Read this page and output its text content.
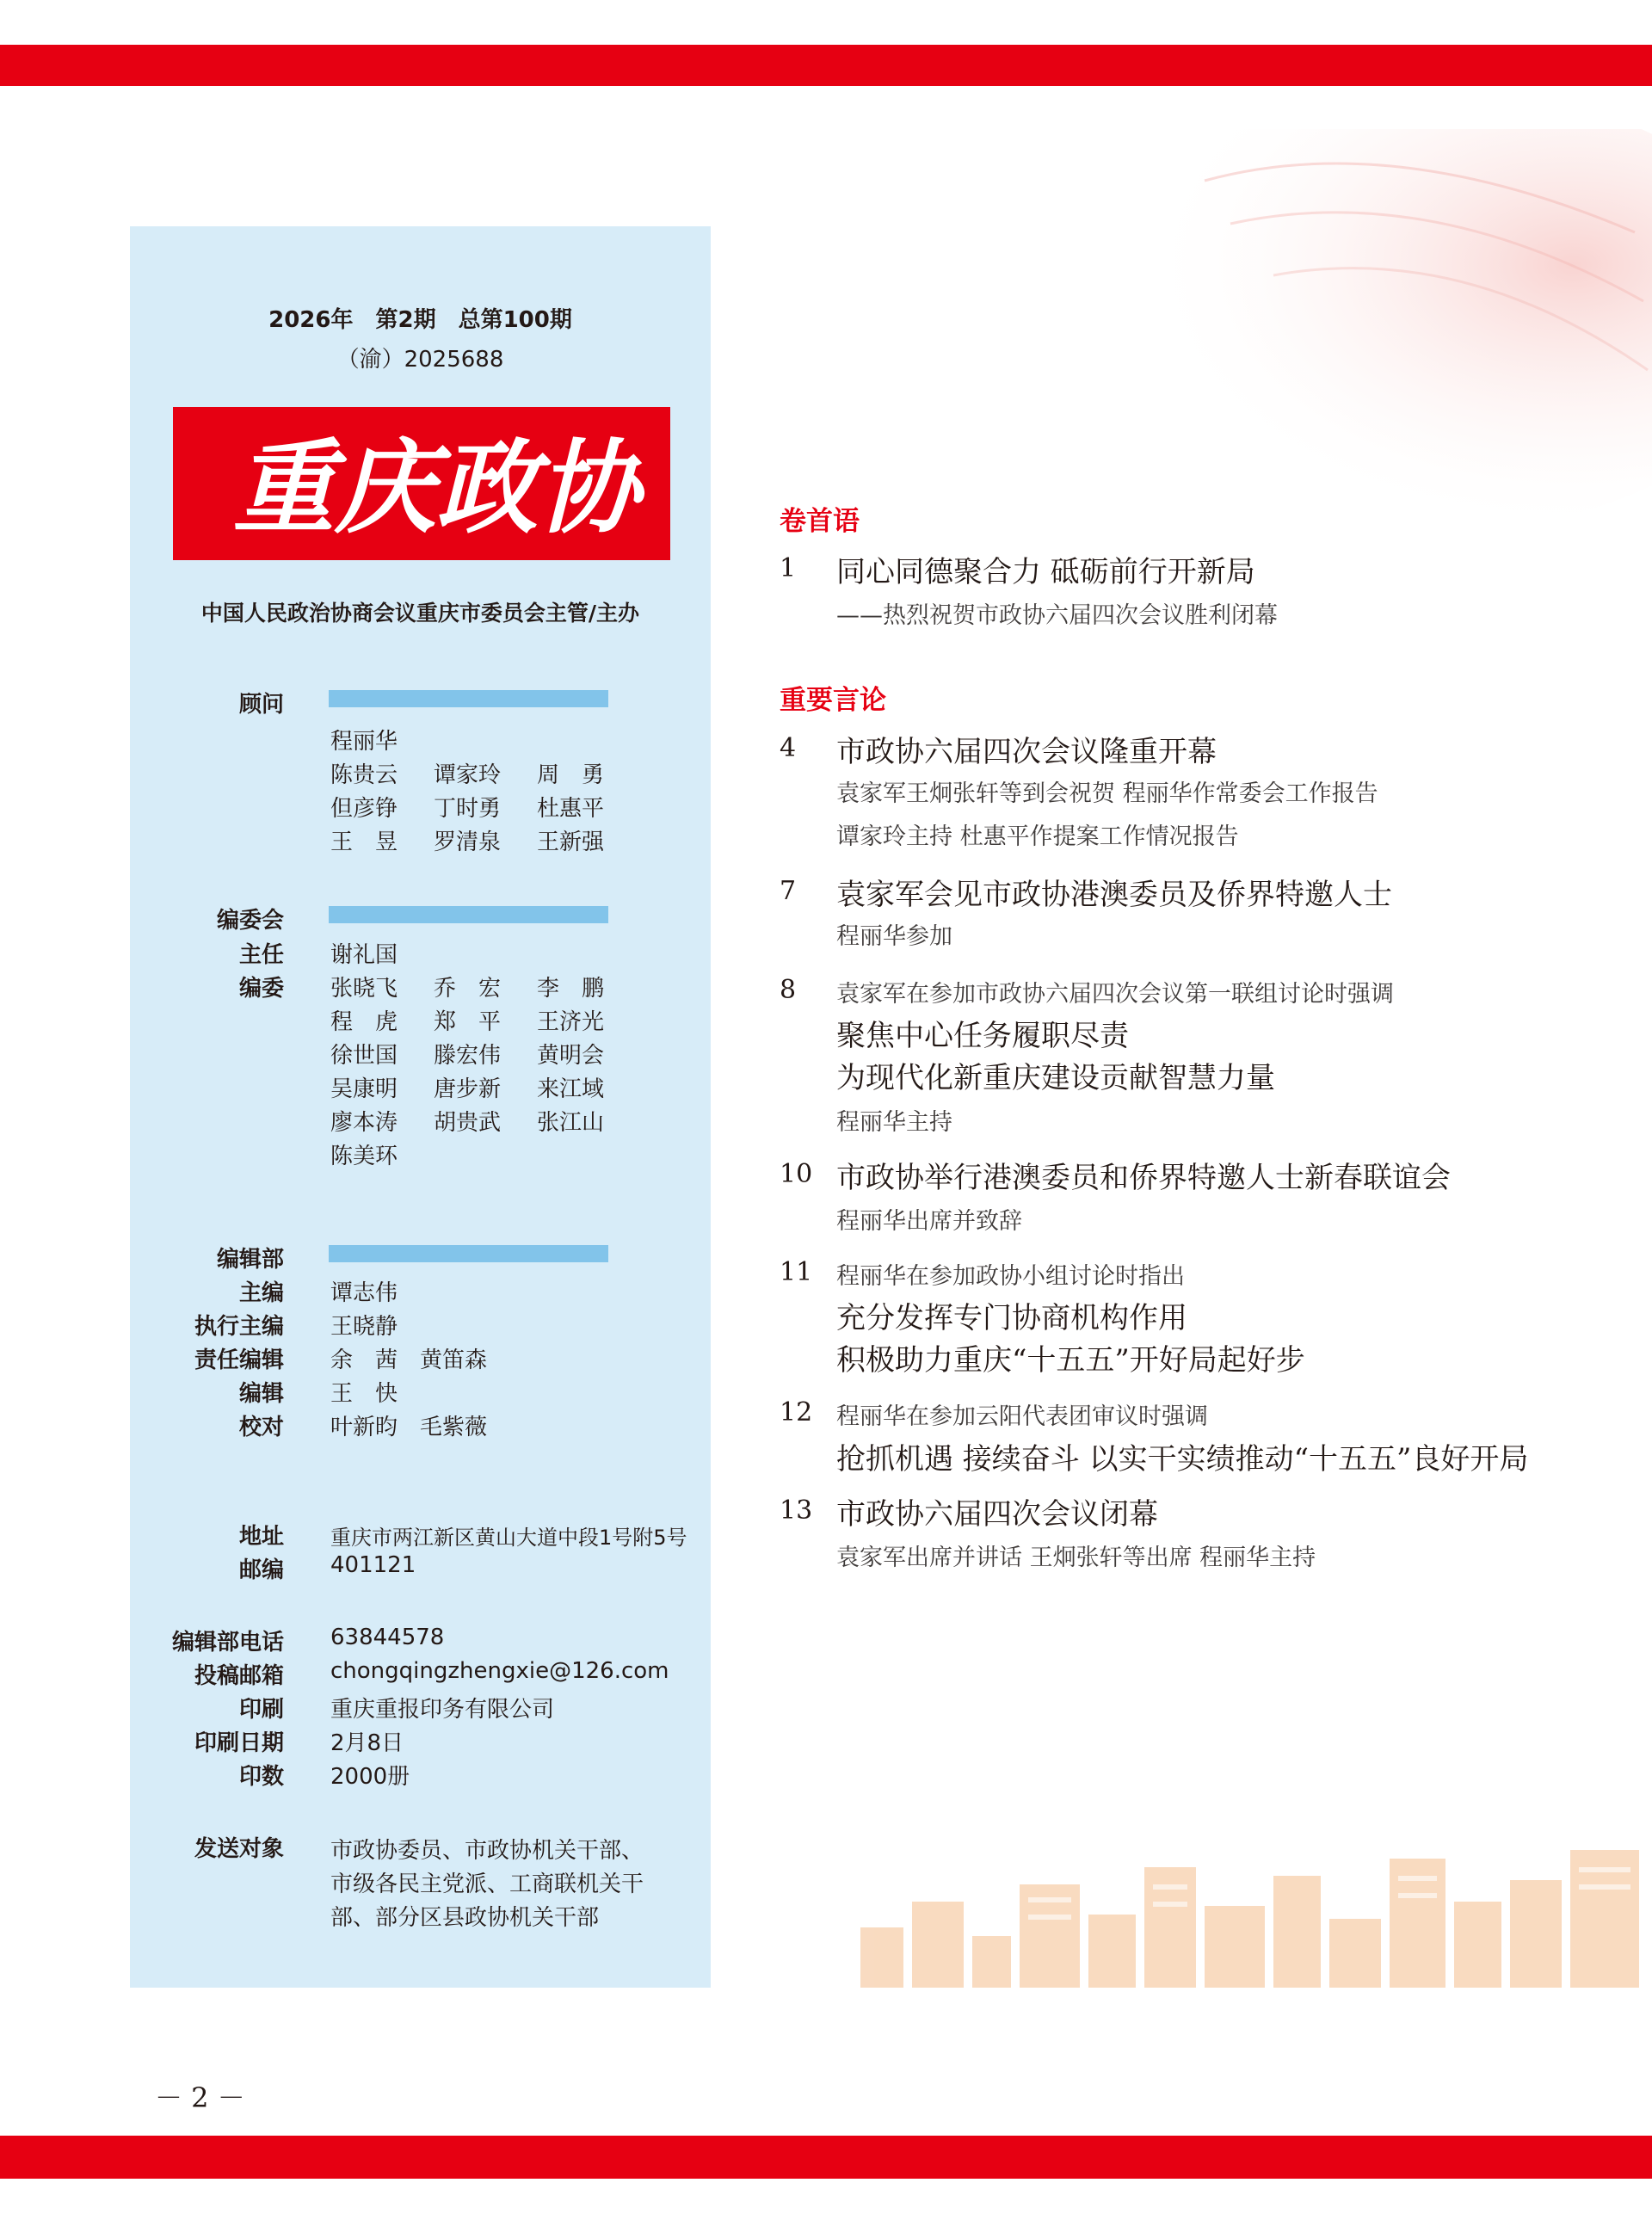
2026年　第2期　总第100期
（渝）2025688
重庆政协
中国人民政治协商会议重庆市委员会主管/主办
顾问
程丽华
陈贵云 谭家玲 周　勇
但彦铮 丁时勇 杜惠平
王　昱 罗清泉 王新强
编委会
主任 谢礼国
编委 张晓飞 乔　宏 李　鹏
程　虎 郑　平 王济光
徐世国 滕宏伟 黄明会
吴康明 唐步新 来江域
廖本涛 胡贵武 张江山
陈美环
编辑部
主编 谭志伟
执行主编 王晓静
责任编辑 余　茜　黄笛森
编辑 王　快
校对 叶新昀　毛紫薇
地址 重庆市两江新区黄山大道中段1号附5号
邮编 401121
编辑部电话 63844578
投稿邮箱 chongqingzhengxie@126.com
印刷 重庆重报印务有限公司
印刷日期 2月8日
印数 2000册
发送对象 市政协委员、市政协机关干部、
市级各民主党派、工商联机关干
部、部分区县政协机关干部
卷首语
1 同心同德聚合力 砥砺前行开新局
——热烈祝贺市政协六届四次会议胜利闭幕
重要言论
4 市政协六届四次会议隆重开幕
袁家军王炯张轩等到会祝贺 程丽华作常委会工作报告
谭家玲主持 杜惠平作提案工作情况报告
7 袁家军会见市政协港澳委员及侨界特邀人士
程丽华参加
8 袁家军在参加市政协六届四次会议第一联组讨论时强调
聚焦中心任务履职尽责
为现代化新重庆建设贡献智慧力量
程丽华主持
10 市政协举行港澳委员和侨界特邀人士新春联谊会
程丽华出席并致辞
11 程丽华在参加政协小组讨论时指出
充分发挥专门协商机构作用
积极助力重庆“十五五”开好局起好步
12 程丽华在参加云阳代表团审议时强调
抢抓机遇 接续奋斗 以实干实绩推动“十五五”良好开局
13 市政协六届四次会议闭幕
袁家军出席并讲话 王炯张轩等出席 程丽华主持
－ 2 －
